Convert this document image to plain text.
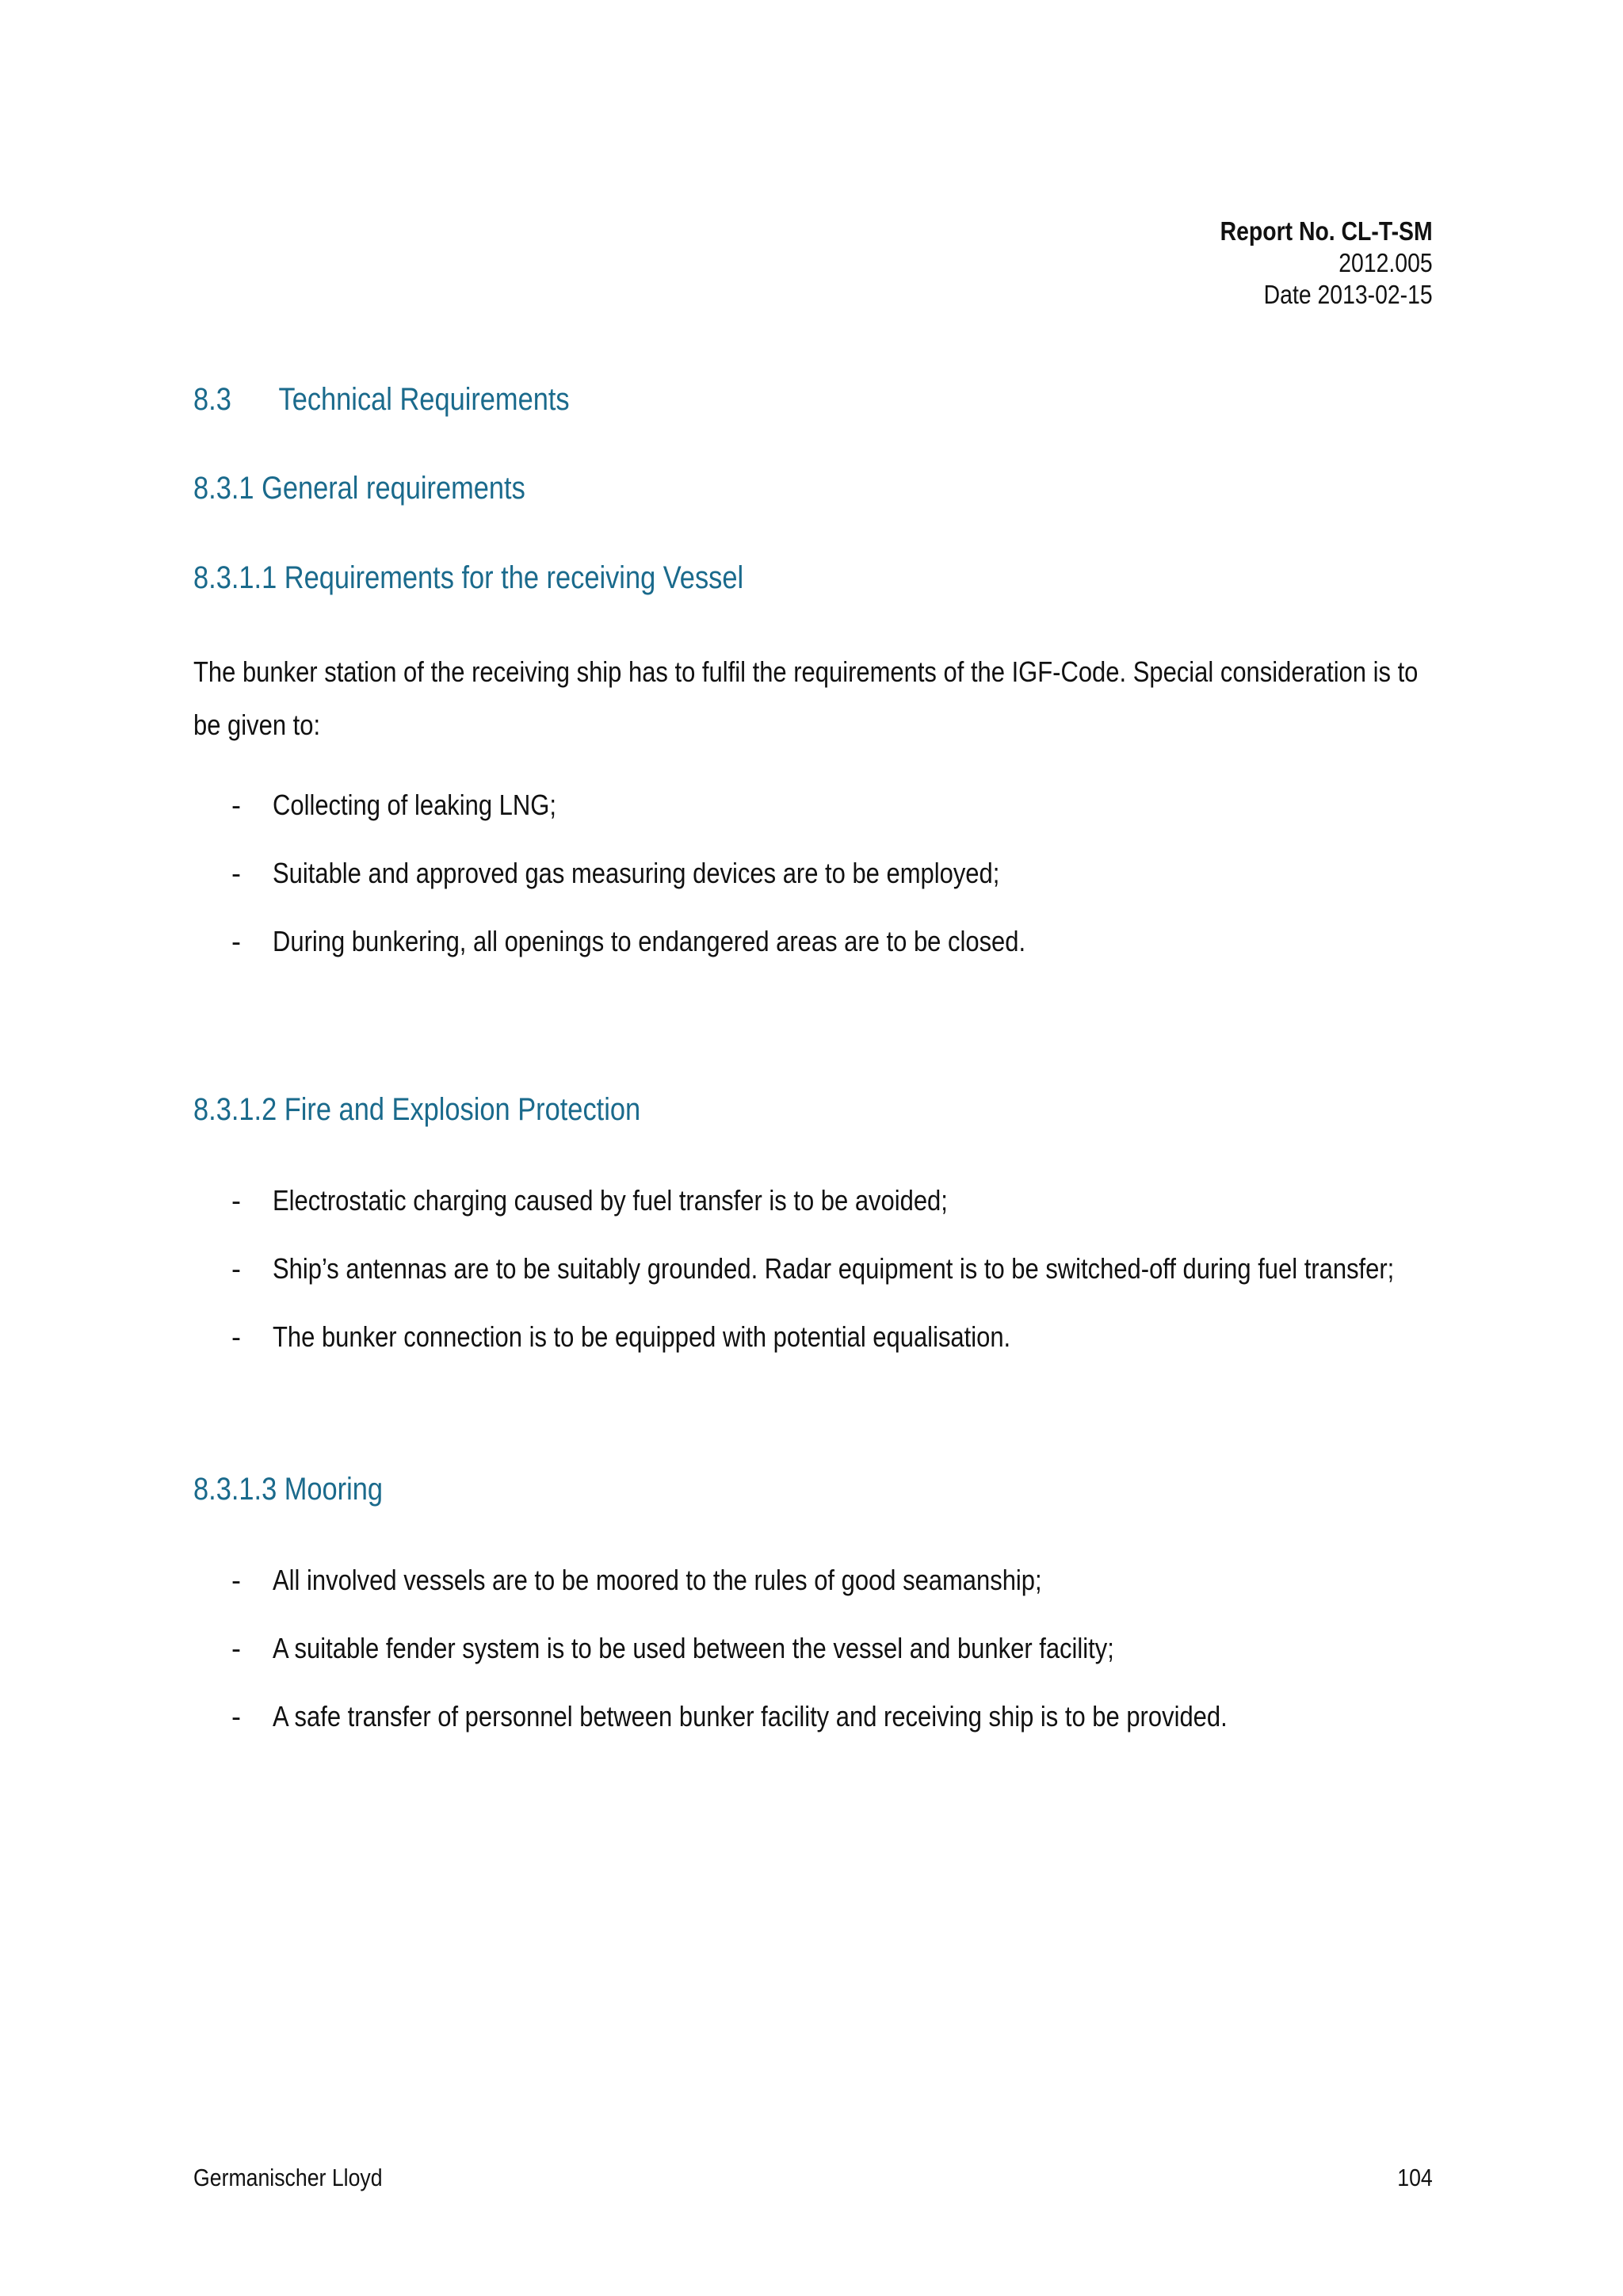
Report No. CL-T-SM
2012.005
Date 2013-02-15
8.3 Technical Requirements
8.3.1 General requirements
8.3.1.1 Requirements for the receiving Vessel

The bunker station of the receiving ship has to fulfil the requirements of the IGF-Code. Special consideration is to
be given to:

- Collecting of leaking LNG;
- Suitable and approved gas measuring devices are to be employed;
- During bunkering, all openings to endangered areas are to be closed.
8.3.1.2 Fire and Explosion Protection
- Electrostatic charging caused by fuel transfer is to be avoided;
- Ship’s antennas are to be suitably grounded. Radar equipment is to be switched-off during fuel transfer;
- The bunker connection is to be equipped with potential equalisation.
8.3.1.3 Mooring
- All involved vessels are to be moored to the rules of good seamanship;
- A suitable fender system is to be used between the vessel and bunker facility;
- A safe transfer of personnel between bunker facility and receiving ship is to be provided.
Germanischer Lloyd	104
